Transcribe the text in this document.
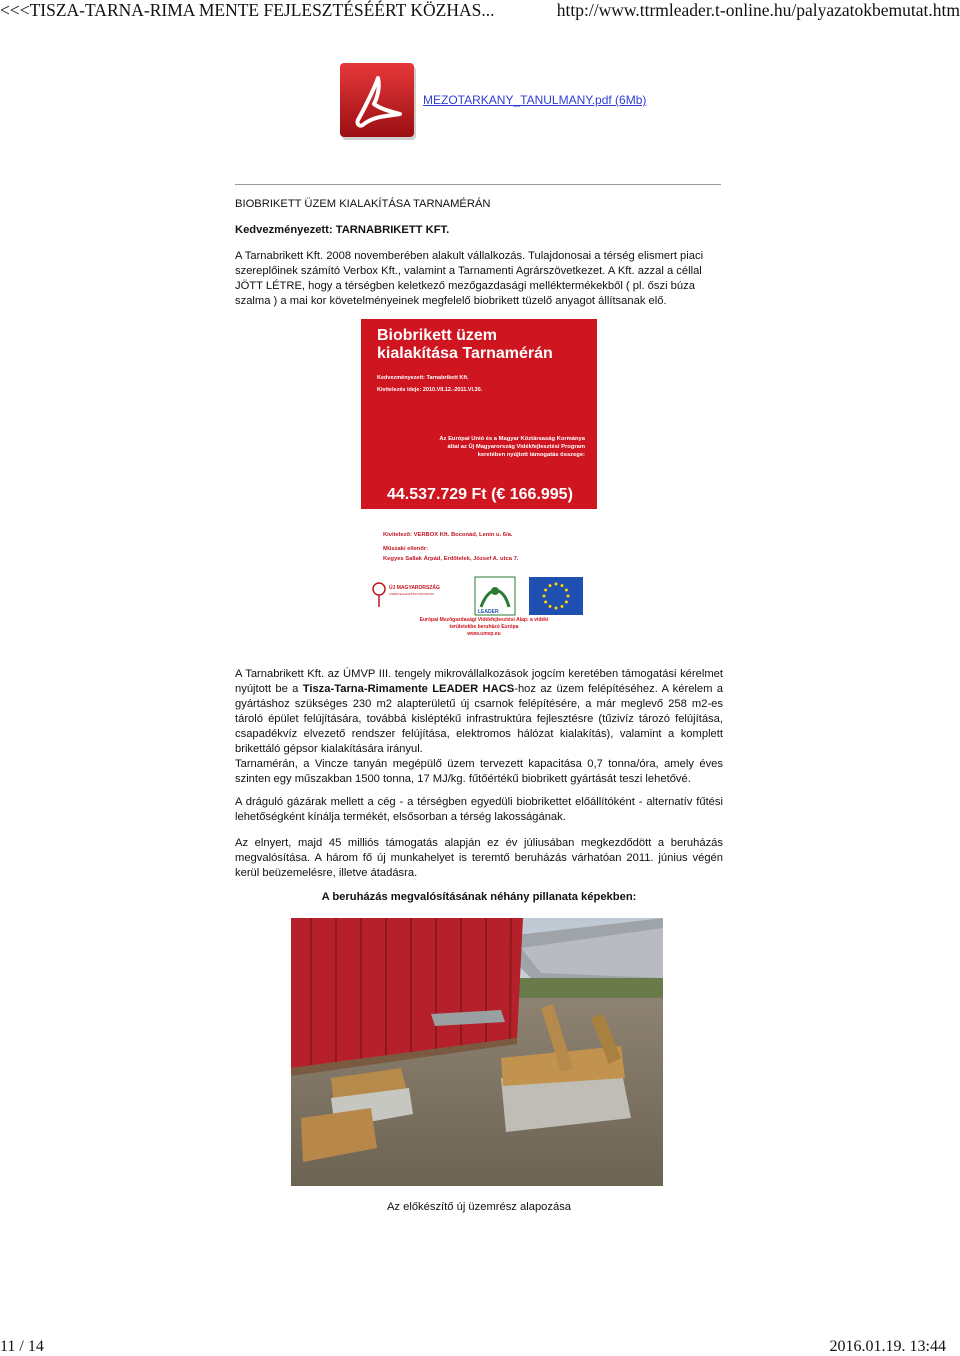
<<<TISZA-TARNA-RIMA MENTE FEJLESZTÉSÉÉRT KÖZHAS...	http://www.ttrmleader.t-online.hu/palyazatokbemutat.htm
MEZOTARKANY_TANULMANY.pdf (6Mb)
BIOBRIKETT ÜZEM KIALAKÍTÁSA TARNAMÉRÁN
Kedvezményezett: TARNABRIKETT KFT.
A Tarnabrikett Kft. 2008 novemberében alakult vállalkozás. Tulajdonosai a térség elismert piaci
szereplőinek számító Verbox Kft., valamint a Tarnamenti Agrárszövetkezet. A Kft. azzal a céllal
JÖTT LÉTRE, hogy a térségben keletkező mezőgazdasági melléktermékekből ( pl. őszi búza
szalma ) a mai kor követelményeinek megfelelő biobrikett tüzelő anyagot állítsanak elő.
Biobrikett üzem
kialakítása Tarnamérán
Kedvezményezett: Tarnabrikett Kft.
Kivitelezés ideje: 2010.VII.12.-2011.VI.30.
Az Európai Unió és a Magyar Köztársaság Kormánya által az Új Magyarország Vidékfejlesztési Program keretében nyújtott támogatás összege:
44.537.729 Ft (€ 166.995)
Kivitelező: VERBOX Kft. Boconád, Lenin u. 6/a.
Műszaki ellenőr:
Kegyes Sallak Árpád, Erdőtelek, József A. utca 7.
ÚJ MAGYARORSZÁG
VIDÉKFEJLESZTÉSI PROGRAM
LEADER
Európai Mezőgazdasági Vidékfejlesztési Alap: a vidéki területekbe beruházó Európa
www.umvp.eu
A Tarnabrikett Kft. az ÚMVP III. tengely mikrovállalkozások jogcím keretében támogatási kérelmet nyújtott be a Tisza-Tarna-Rimamente LEADER HACS-hoz az üzem felépítéséhez. A kérelem a gyártáshoz szükséges 230 m2 alapterületű új csarnok felépítésére, a már meglevő 258 m2-es tároló épület felújítására, továbbá kisléptékű infrastruktúra fejlesztésre (tűzivíz tározó felújítása, csapadékvíz elvezető rendszer felújítása, elektromos hálózat kialakítás), valamint a komplett brikettáló gépsor kialakítására irányul.
Tarnamérán, a Vincze tanyán megépülő üzem tervezett kapacitása 0,7 tonna/óra, amely éves szinten egy műszakban 1500 tonna, 17 MJ/kg. fűtőértékű biobrikett gyártását teszi lehetővé.
A dráguló gázárak mellett a cég - a térségben egyedüli biobrikettet előállítóként - alternatív fűtési lehetőségként kínálja termékét, elsősorban a térség lakosságának.
Az elnyert, majd 45 milliós támogatás alapján ez év júliusában megkezdődött a beruházás megvalósítása. A három fő új munkahelyet is teremtő beruházás várhatóan 2011. június végén kerül beüzemelésre, illetve átadásra.
A beruházás megvalósításának néhány pillanata képekben:
Az előkészítő új üzemrész alapozása
11 / 14	2016.01.19. 13:44
